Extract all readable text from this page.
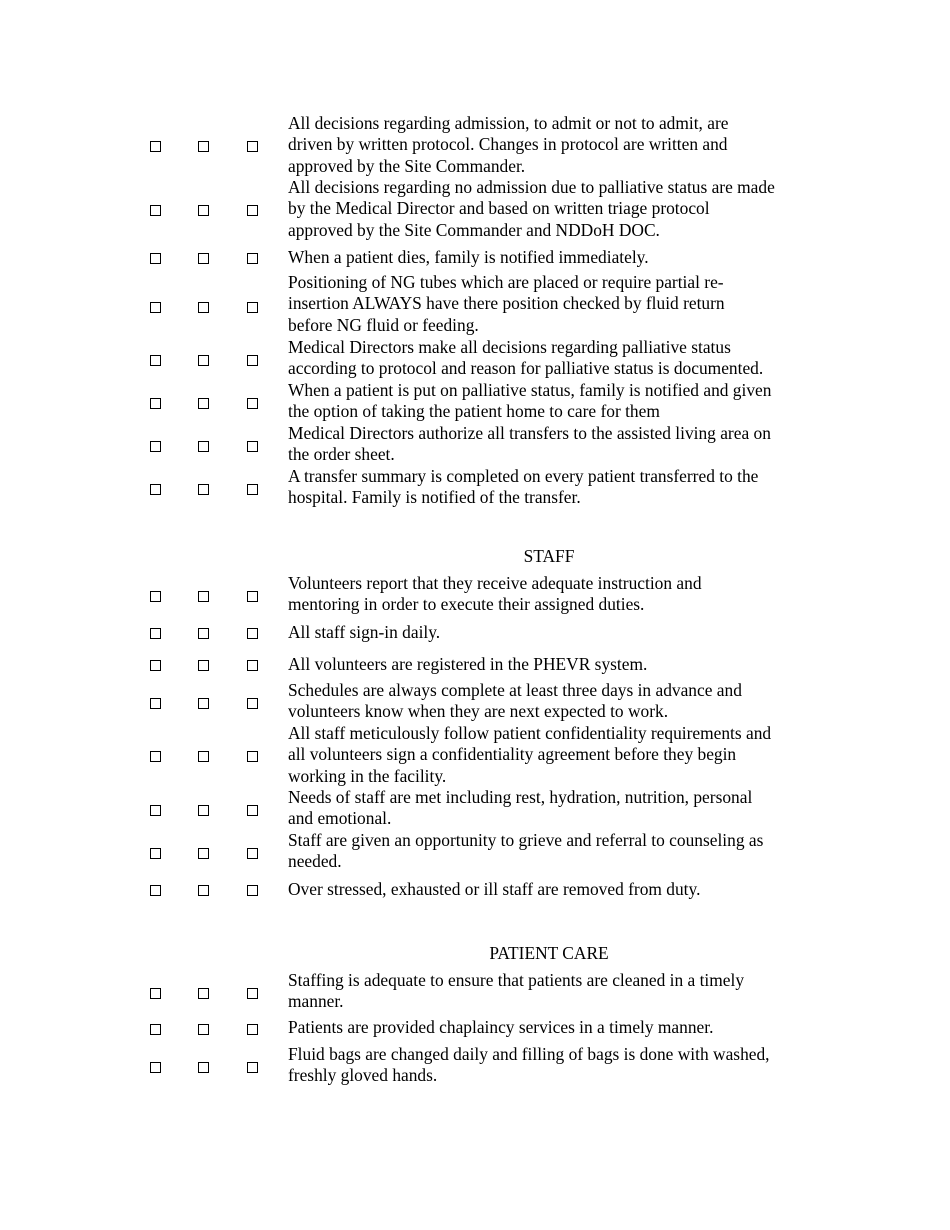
All decisions regarding admission, to admit or not to admit, are
driven by written protocol. Changes in protocol are written and
approved by the Site Commander.
All decisions regarding no admission due to palliative status are made
by the Medical Director and based on written triage protocol
approved by the Site Commander and NDDoH DOC.
When a patient dies, family is notified immediately.
Positioning of NG tubes which are placed or require partial re-
insertion ALWAYS have there position checked by fluid return
before NG fluid or feeding.
Medical Directors make all decisions regarding palliative status
according to protocol and reason for palliative status is documented.
When a patient is put on palliative status, family is notified and given
the option of taking the patient home to care for them
Medical Directors authorize all transfers to the assisted living area on
the order sheet.
A transfer summary is completed on every patient transferred to the
hospital. Family is notified of the transfer.
STAFF
Volunteers report that they receive adequate instruction and
mentoring in order to execute their assigned duties.
All staff sign-in daily.
All volunteers are registered in the PHEVR system.
Schedules are always complete at least three days in advance and
volunteers know when they are next expected to work.
All staff meticulously follow patient confidentiality requirements and
all volunteers sign a confidentiality agreement before they begin
working in the facility.
Needs of staff are met including rest, hydration, nutrition, personal
and emotional.
Staff are given an opportunity to grieve and referral to counseling as
needed.
Over stressed, exhausted or ill staff are removed from duty.
PATIENT CARE
Staffing is adequate to ensure that patients are cleaned in a timely
manner.
Patients are provided chaplaincy services in a timely manner.
Fluid bags are changed daily and filling of bags is done with washed,
freshly gloved hands.
